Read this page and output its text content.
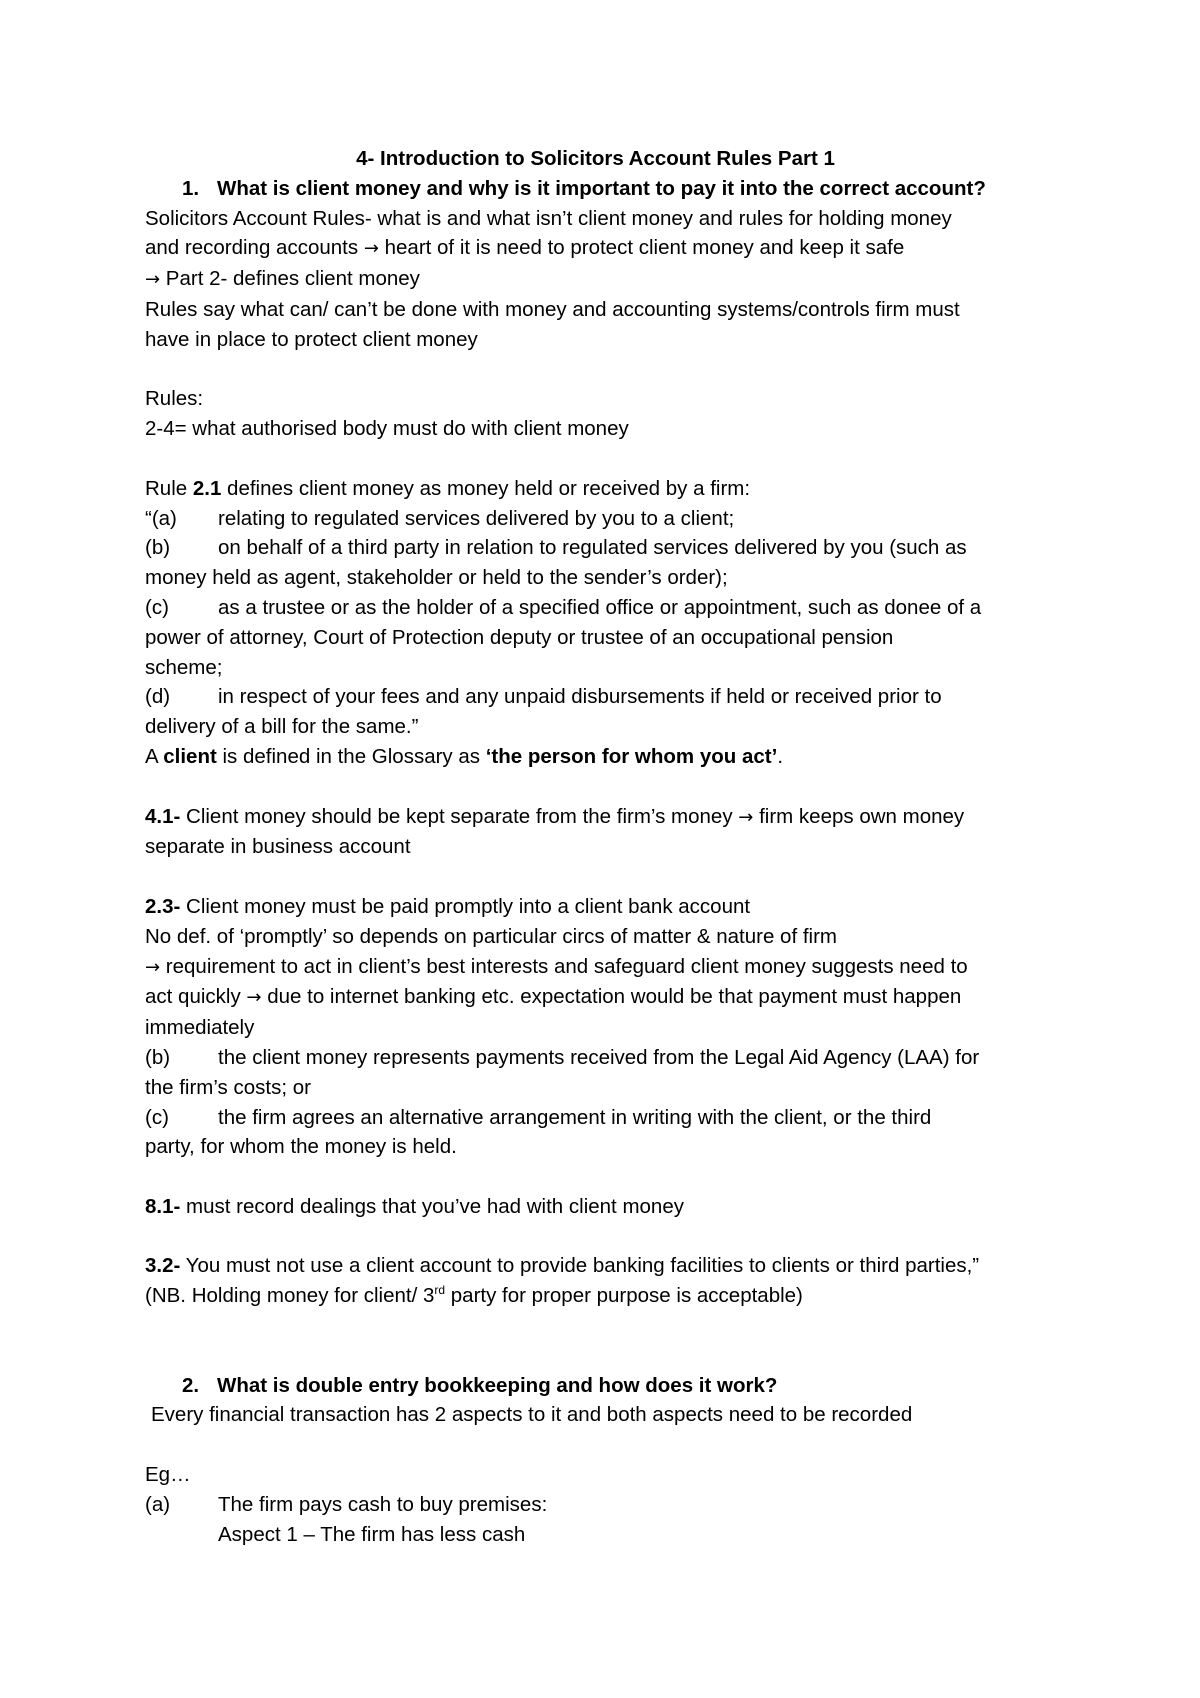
4- Introduction to Solicitors Account Rules Part 1
1. What is client money and why is it important to pay it into the correct account?
Solicitors Account Rules- what is and what isn’t client money and rules for holding money
and recording accounts → heart of it is need to protect client money and keep it safe
→ Part 2- defines client money
Rules say what can/ can’t be done with money and accounting systems/controls firm must
have in place to protect client money
Rules:
2-4= what authorised body must do with client money
Rule 2.1 defines client money as money held or received by a firm:
“(a) relating to regulated services delivered by you to a client;
(b) on behalf of a third party in relation to regulated services delivered by you (such as
money held as agent, stakeholder or held to the sender’s order);
(c) as a trustee or as the holder of a specified office or appointment, such as donee of a
power of attorney, Court of Protection deputy or trustee of an occupational pension
scheme;
(d) in respect of your fees and any unpaid disbursements if held or received prior to
delivery of a bill for the same.”
A client is defined in the Glossary as ‘the person for whom you act’.
4.1- Client money should be kept separate from the firm’s money → firm keeps own money
separate in business account
2.3- Client money must be paid promptly into a client bank account
No def. of ‘promptly’ so depends on particular circs of matter & nature of firm
→ requirement to act in client’s best interests and safeguard client money suggests need to
act quickly → due to internet banking etc. expectation would be that payment must happen
immediately
(b) the client money represents payments received from the Legal Aid Agency (LAA) for
the firm’s costs; or
(c) the firm agrees an alternative arrangement in writing with the client, or the third
party, for whom the money is held.
8.1- must record dealings that you’ve had with client money
3.2- You must not use a client account to provide banking facilities to clients or third parties,”
(NB. Holding money for client/ 3rd party for proper purpose is acceptable)
2. What is double entry bookkeeping and how does it work?
Every financial transaction has 2 aspects to it and both aspects need to be recorded
Eg…
(a) The firm pays cash to buy premises:
Aspect 1 – The firm has less cash
